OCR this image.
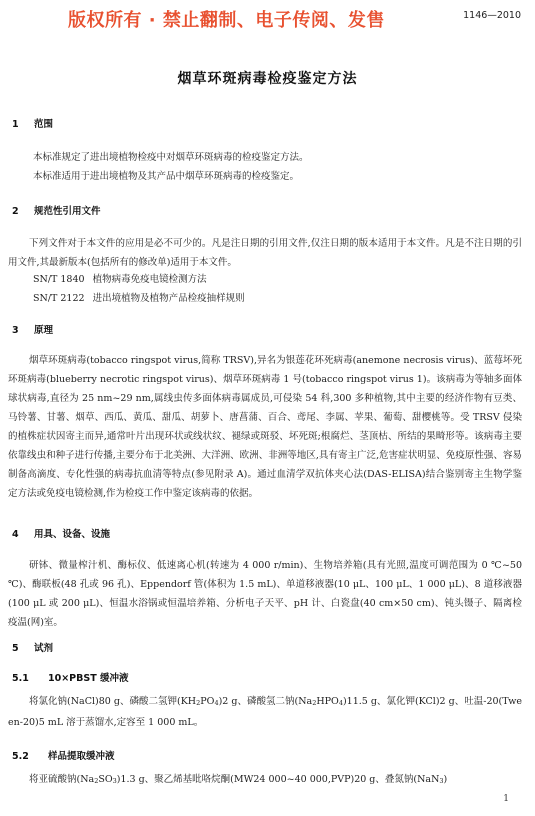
版权所有 · 禁止翻制、电子传阅、发售	1146—2010
烟草环斑病毒检疫鉴定方法
1 范围

本标准规定了进出境植物检疫中对烟草环斑病毒的检疫鉴定方法。

本标准适用于进出境植物及其产品中烟草环斑病毒的检疫鉴定。

2 规范性引用文件

下列文件对于本文件的应用是必不可少的。凡是注日期的引用文件,仅注日期的版本适用于本文件。凡是不注日期的引用文件,其最新版本(包括所有的修改单)适用于本文件。

SN/T 1840 植物病毒免疫电镜检测方法
SN/T 2122 进出境植物及植物产品检疫抽样规则
3 原理

烟草环斑病毒(tobacco ringspot virus,简称 TRSV),异名为银莲花环死病毒(anemone necrosis virus)、蓝莓坏死环斑病毒(blueberry necrotic ringspot virus)、烟草环斑病毒 1 号(tobacco ringspot virus 1)。该病毒为等轴多面体球状病毒,直径为 25 nm~29 nm,属线虫传多面体病毒属成员,可侵染 54 科,300 多种植物,其中主要的经济作物有豆类、马铃薯、甘薯、烟草、西瓜、黄瓜、甜瓜、胡萝卜、唐菖蒲、百合、鸢尾、李属、苹果、葡萄、甜樱桃等。受 TRSV 侵染的植株症状因寄主而异,通常叶片出现环状或线状纹、褪绿或斑驳、坏死斑;根腐烂、茎顶枯、所结的果畸形等。该病毒主要依靠线虫和种子进行传播,主要分布于北美洲、大洋洲、欧洲、非洲等地区,具有寄主广泛,危害症状明显、免疫原性强、容易制备高滴度、专化性强的病毒抗血清等特点(参见附录 A)。通过血清学双抗体夹心法(DAS-ELISA)结合鉴别寄主生物学鉴定方法或免疫电镜检测,作为检疫工作中鉴定该病毒的依据。

4 用具、设备、设施

研钵、微量榨汁机、酶标仪、低速离心机(转速为 4 000 r/min)、生物培养箱(具有光照,温度可调范围为 0 ℃~50 ℃)、酶联板(48 孔或 96 孔)、Eppendorf 管(体积为 1.5 mL)、单道移液器(10 μL、100 μL、1 000 μL)、8 道移液器(100 μL 或 200 μL)、恒温水浴锅或恒温培养箱、分析电子天平、pH 计、白瓷盘(40 cm×50 cm)、钝头镊子、隔离检疫温(网)室。

5 试剂
5.1 10×PBST 缓冲液

将氯化钠(NaCl)80 g、磷酸二氢钾$(KH_2PO_4)2$ g、磷酸氢二钠$(Na_2HPO_4)11.5$ g、氯化钾(KCl)2 g、吐温-20(Tween-20)5 mL 溶于蒸馏水,定容至 1 000 mL。

5.2 样品提取缓冲液

将亚硫酸钠$(Na_2SO_3)1.3$ g、聚乙烯基吡咯烷酮(MW24 000~40 000,PVP)20 g、叠氮钠(NaN$_3$)

1
